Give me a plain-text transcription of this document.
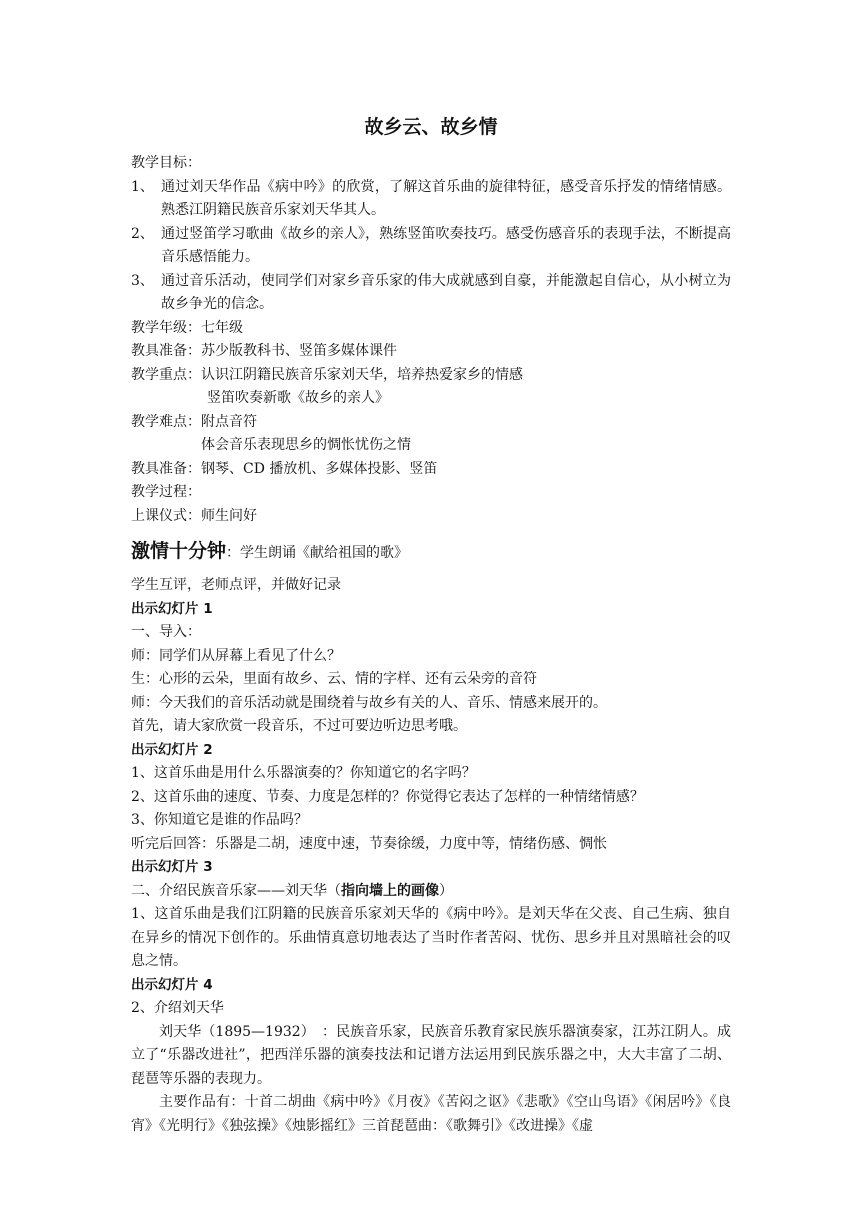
故乡云、故乡情
教学目标：
1、 通过刘天华作品《病中吟》的欣赏，了解这首乐曲的旋律特征，感受音乐抒发的情绪情感。熟悉江阴籍民族音乐家刘天华其人。
2、 通过竖笛学习歌曲《故乡的亲人》，熟练竖笛吹奏技巧。感受伤感音乐的表现手法，不断提高音乐感悟能力。
3、 通过音乐活动，使同学们对家乡音乐家的伟大成就感到自豪，并能激起自信心，从小树立为故乡争光的信念。
教学年级：七年级
教具准备：苏少版教科书、竖笛多媒体课件
教学重点：认识江阴籍民族音乐家刘天华，培养热爱家乡的情感
竖笛吹奏新歌《故乡的亲人》
教学难点：附点音符
体会音乐表现思乡的惆怅忧伤之情
教具准备：钢琴、CD 播放机、多媒体投影、竖笛
教学过程：
上课仪式：师生问好
激情十分钟：学生朗诵《献给祖国的歌》
学生互评，老师点评，并做好记录
出示幻灯片 1
一、导入：
师：同学们从屏幕上看见了什么？
生：心形的云朵，里面有故乡、云、情的字样、还有云朵旁的音符
师：今天我们的音乐活动就是围绕着与故乡有关的人、音乐、情感来展开的。
首先，请大家欣赏一段音乐，不过可要边听边思考哦。
出示幻灯片 2
1、这首乐曲是用什么乐器演奏的？你知道它的名字吗？
2、这首乐曲的速度、节奏、力度是怎样的？你觉得它表达了怎样的一种情绪情感？
3、你知道它是谁的作品吗？
听完后回答：乐器是二胡，速度中速，节奏徐缓，力度中等，情绪伤感、惆怅
出示幻灯片 3
二、介绍民族音乐家——刘天华（指向墙上的画像）
1、这首乐曲是我们江阴籍的民族音乐家刘天华的《病中吟》。是刘天华在父丧、自己生病、独自在异乡的情况下创作的。乐曲情真意切地表达了当时作者苦闷、忧伤、思乡并且对黑暗社会的叹息之情。
出示幻灯片 4
2、介绍刘天华
刘天华（1895—1932）　：民族音乐家，民族音乐教育家民族乐器演奏家，江苏江阴人。成立了“乐器改进社”，把西洋乐器的演奏技法和记谱方法运用到民族乐器之中，大大丰富了二胡、琵琶等乐器的表现力。
主要作品有：十首二胡曲《病中吟》《月夜》《苦闷之讴》《悲歌》《空山鸟语》《闲居吟》《良宵》《光明行》《独弦操》《烛影摇红》三首琵琶曲：《歌舞引》《改进操》《虚
